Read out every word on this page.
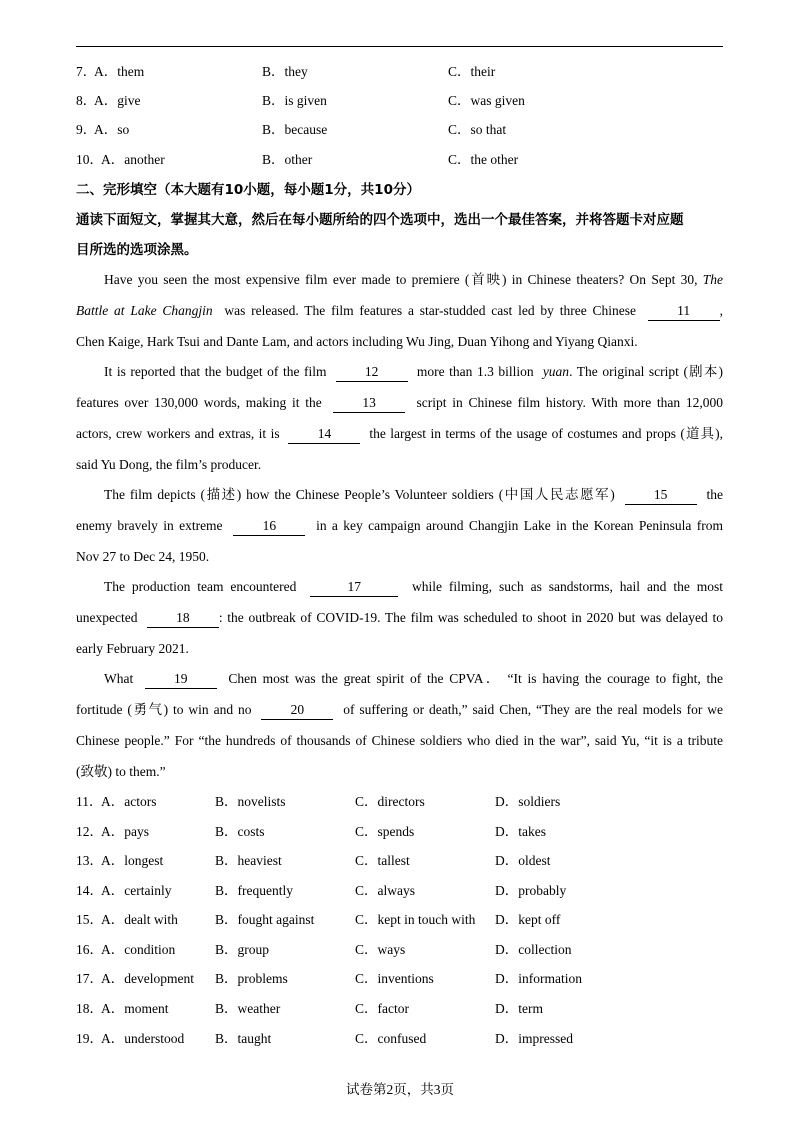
7．
A．them	B．they	C．their
8．
A．give	B．is given	C．was given
9．
A．so	B．because	C．so that
10．
A．another	B．other	C．the other
二、完形填空（本大题有10小题，每小题1分，共10分）
通读下面短文，掌握其大意，然后在每小题所给的四个选项中，选出一个最佳答案，并将答题卡对应题
目所选的选项涂黑。
Have you seen the most expensive film ever made to premiere (首映) in Chinese theaters? On Sept 30, The
Battle at Lake Changjin was released. The film features a star-studded cast led by three Chinese	11 ,
Chen Kaige, Hark Tsui and Dante Lam, and actors including Wu Jing, Duan Yihong and Yiyang Qianxi.
It is reported that the budget of the film	12	more than 1.3 billion yuan. The original script (剧本)
features over 130,000 words, making it the	13	script in Chinese film history. With more than 12,000
actors, crew workers and extras, it is	14	the largest in terms of the usage of costumes and props (道具),
said Yu Dong, the film’s producer.
The film depicts (描述) how the Chinese People’s Volunteer soldiers (中国人民志愿军)	15	the
enemy bravely in extreme	16	in a key campaign around Changjin Lake in the Korean Peninsula from
Nov 27 to Dec 24, 1950.
The production team encountered	17	while filming, such as sandstorms, hail and the most
unexpected	18 : the outbreak of COVID-19. The film was scheduled to shoot in 2020 but was delayed to
early February 2021.
What	19	Chen most was the great spirit of the CPVA． “It is having the courage to fight, the
fortitude (勇气) to win and no	20	of suffering or death,” said Chen, “They are the real models for we
Chinese people.” For “the hundreds of thousands of Chinese soldiers who died in the war”, said Yu, “it is a tribute
(致敬) to them.”
11．
A．actors	B．novelists	C．directors	D．soldiers
12．
A．pays	B．costs	C．spends	D．takes
13．
A．longest	B．heaviest	C．tallest	D．oldest
14．
A．certainly	B．frequently	C．always	D．probably
15．
A．dealt with	B．fought against	C．kept in touch with D．kept off
16．
A．condition	B．group	C．ways	D．collection
17．
A．development B．problems	C．inventions	D．information
18．
A．moment	B．weather	C．factor	D．term
19．
A．understood B．taught	C．confused	D．impressed
试卷第2页，共3页
